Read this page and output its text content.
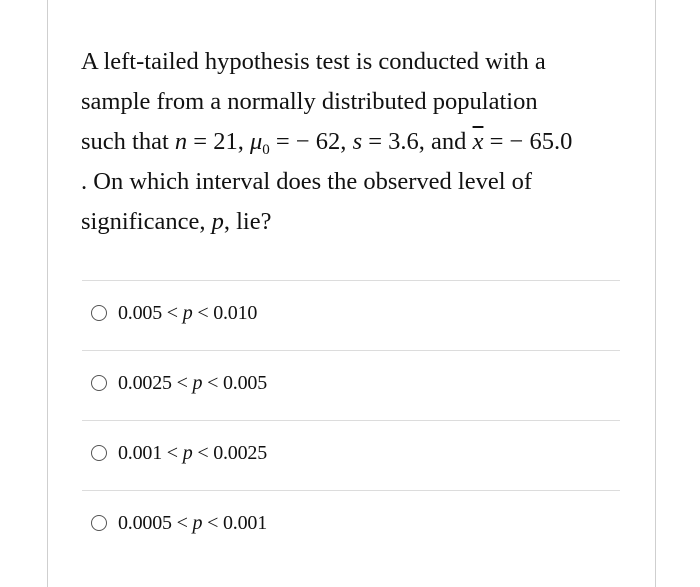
A left-tailed hypothesis test is conducted with a
sample from a normally distributed population
such that n = 21, $\mu_0$ = − 62, s = 3.6, and $\overline{x}$ = − 65.0
. On which interval does the observed level of
significance, p, lie?
0.005 < p < 0.010
0.0025 < p < 0.005
0.001 < p < 0.0025
0.0005 < p < 0.001
